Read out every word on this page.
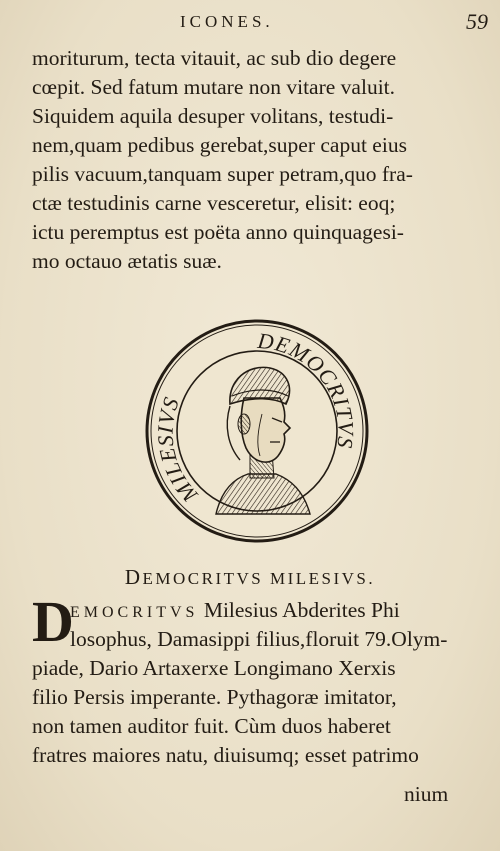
ICONES.	59
moriturum, tecta vitauit, ac sub dio degere
cœpit. Sed fatum mutare non vitare valuit.
Siquidem aquila desuper volitans, testudi-
nem,quam pedibus gerebat,super caput eius
pilis vacuum,tanquam super petram,quo fra-
ctæ testudinis carne vesceretur, elisit: eoq;
ictu peremptus est poëta anno quinquagesi-
mo octauo ætatis suæ.
DEMOCRITVS
MILESIVS
DEMOCRITVS MILESIVS.
D
EMOCRITVS Milesius Abderites Phi
losophus, Damasippi filius,floruit 79.Olym-
piade, Dario Artaxerxe Longimano Xerxis
filio Persis imperante. Pythagoræ imitator,
non tamen auditor fuit. Cùm duos haberet
fratres maiores natu, diuisumq; esset patrimo
nium
